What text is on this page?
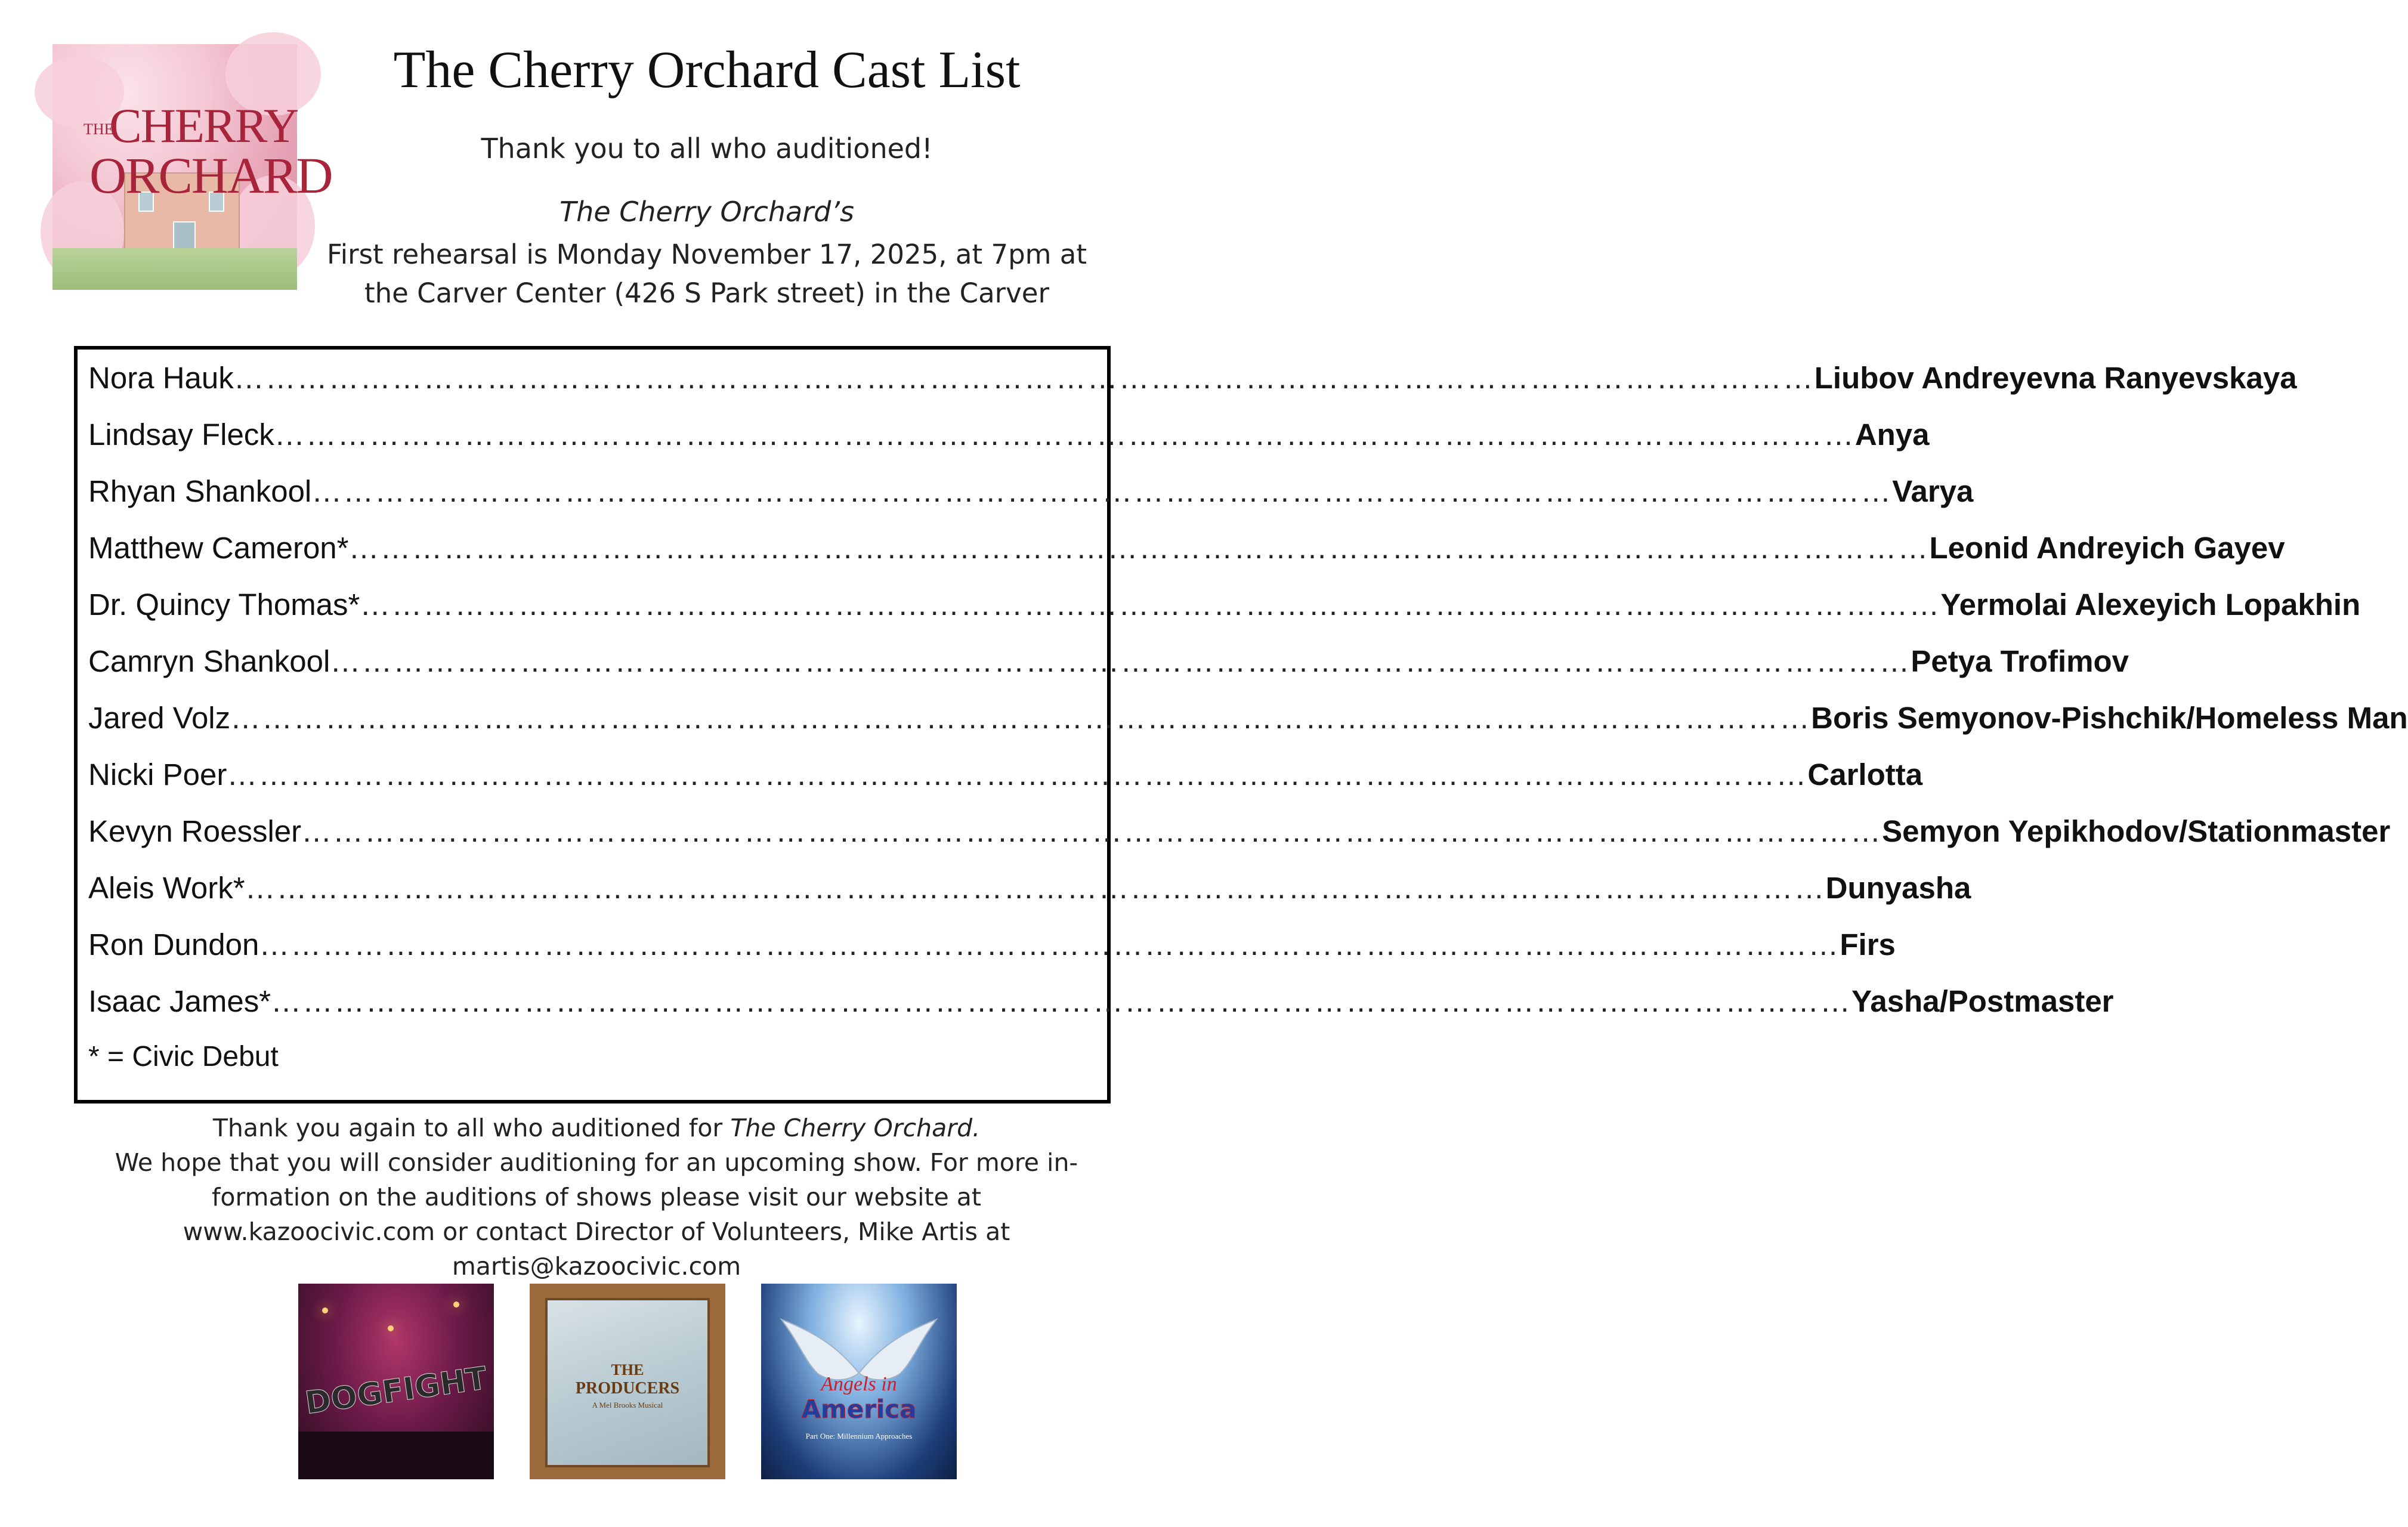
THE
CHERRY
ORCHARD
The Cherry Orchard Cast List
Thank you to all who auditioned!
The Cherry Orchard’s
First rehearsal is Monday November 17, 2025, at 7pm at
the Carver Center (426 S Park street) in the Carver
Nora Hauk ……………………………………………………………………………………………………………………………………	Liubov Andreyevna Ranyevskaya
Lindsay Fleck ……………………………………………………………………………………………………………………………………	Anya
Rhyan Shankool ……………………………………………………………………………………………………………………………………	Varya
Matthew Cameron* ……………………………………………………………………………………………………………………………………	Leonid Andreyich Gayev
Dr. Quincy Thomas* ……………………………………………………………………………………………………………………………………	Yermolai Alexeyich Lopakhin
Camryn Shankool ……………………………………………………………………………………………………………………………………	Petya Trofimov
Jared Volz ……………………………………………………………………………………………………………………………………	Boris Semyonov-Pishchik/Homeless Man
Nicki Poer ……………………………………………………………………………………………………………………………………	Carlotta
Kevyn Roessler ……………………………………………………………………………………………………………………………………	Semyon Yepikhodov/Stationmaster
Aleis Work* ……………………………………………………………………………………………………………………………………	Dunyasha
Ron Dundon ……………………………………………………………………………………………………………………………………	Firs
Isaac James* ……………………………………………………………………………………………………………………………………	Yasha/Postmaster
* = Civic Debut
Thank you again to all who auditioned for The Cherry Orchard.
We hope that you will consider auditioning for an upcoming show. For more in-
formation on the auditions of shows please visit our website at
www.kazoocivic.com or contact Director of Volunteers, Mike Artis at
martis@kazoocivic.com
DOGFIGHT	THE
PRODUCERS
A Mel Brooks Musical
Angels in
America
Part One: Millennium Approaches
